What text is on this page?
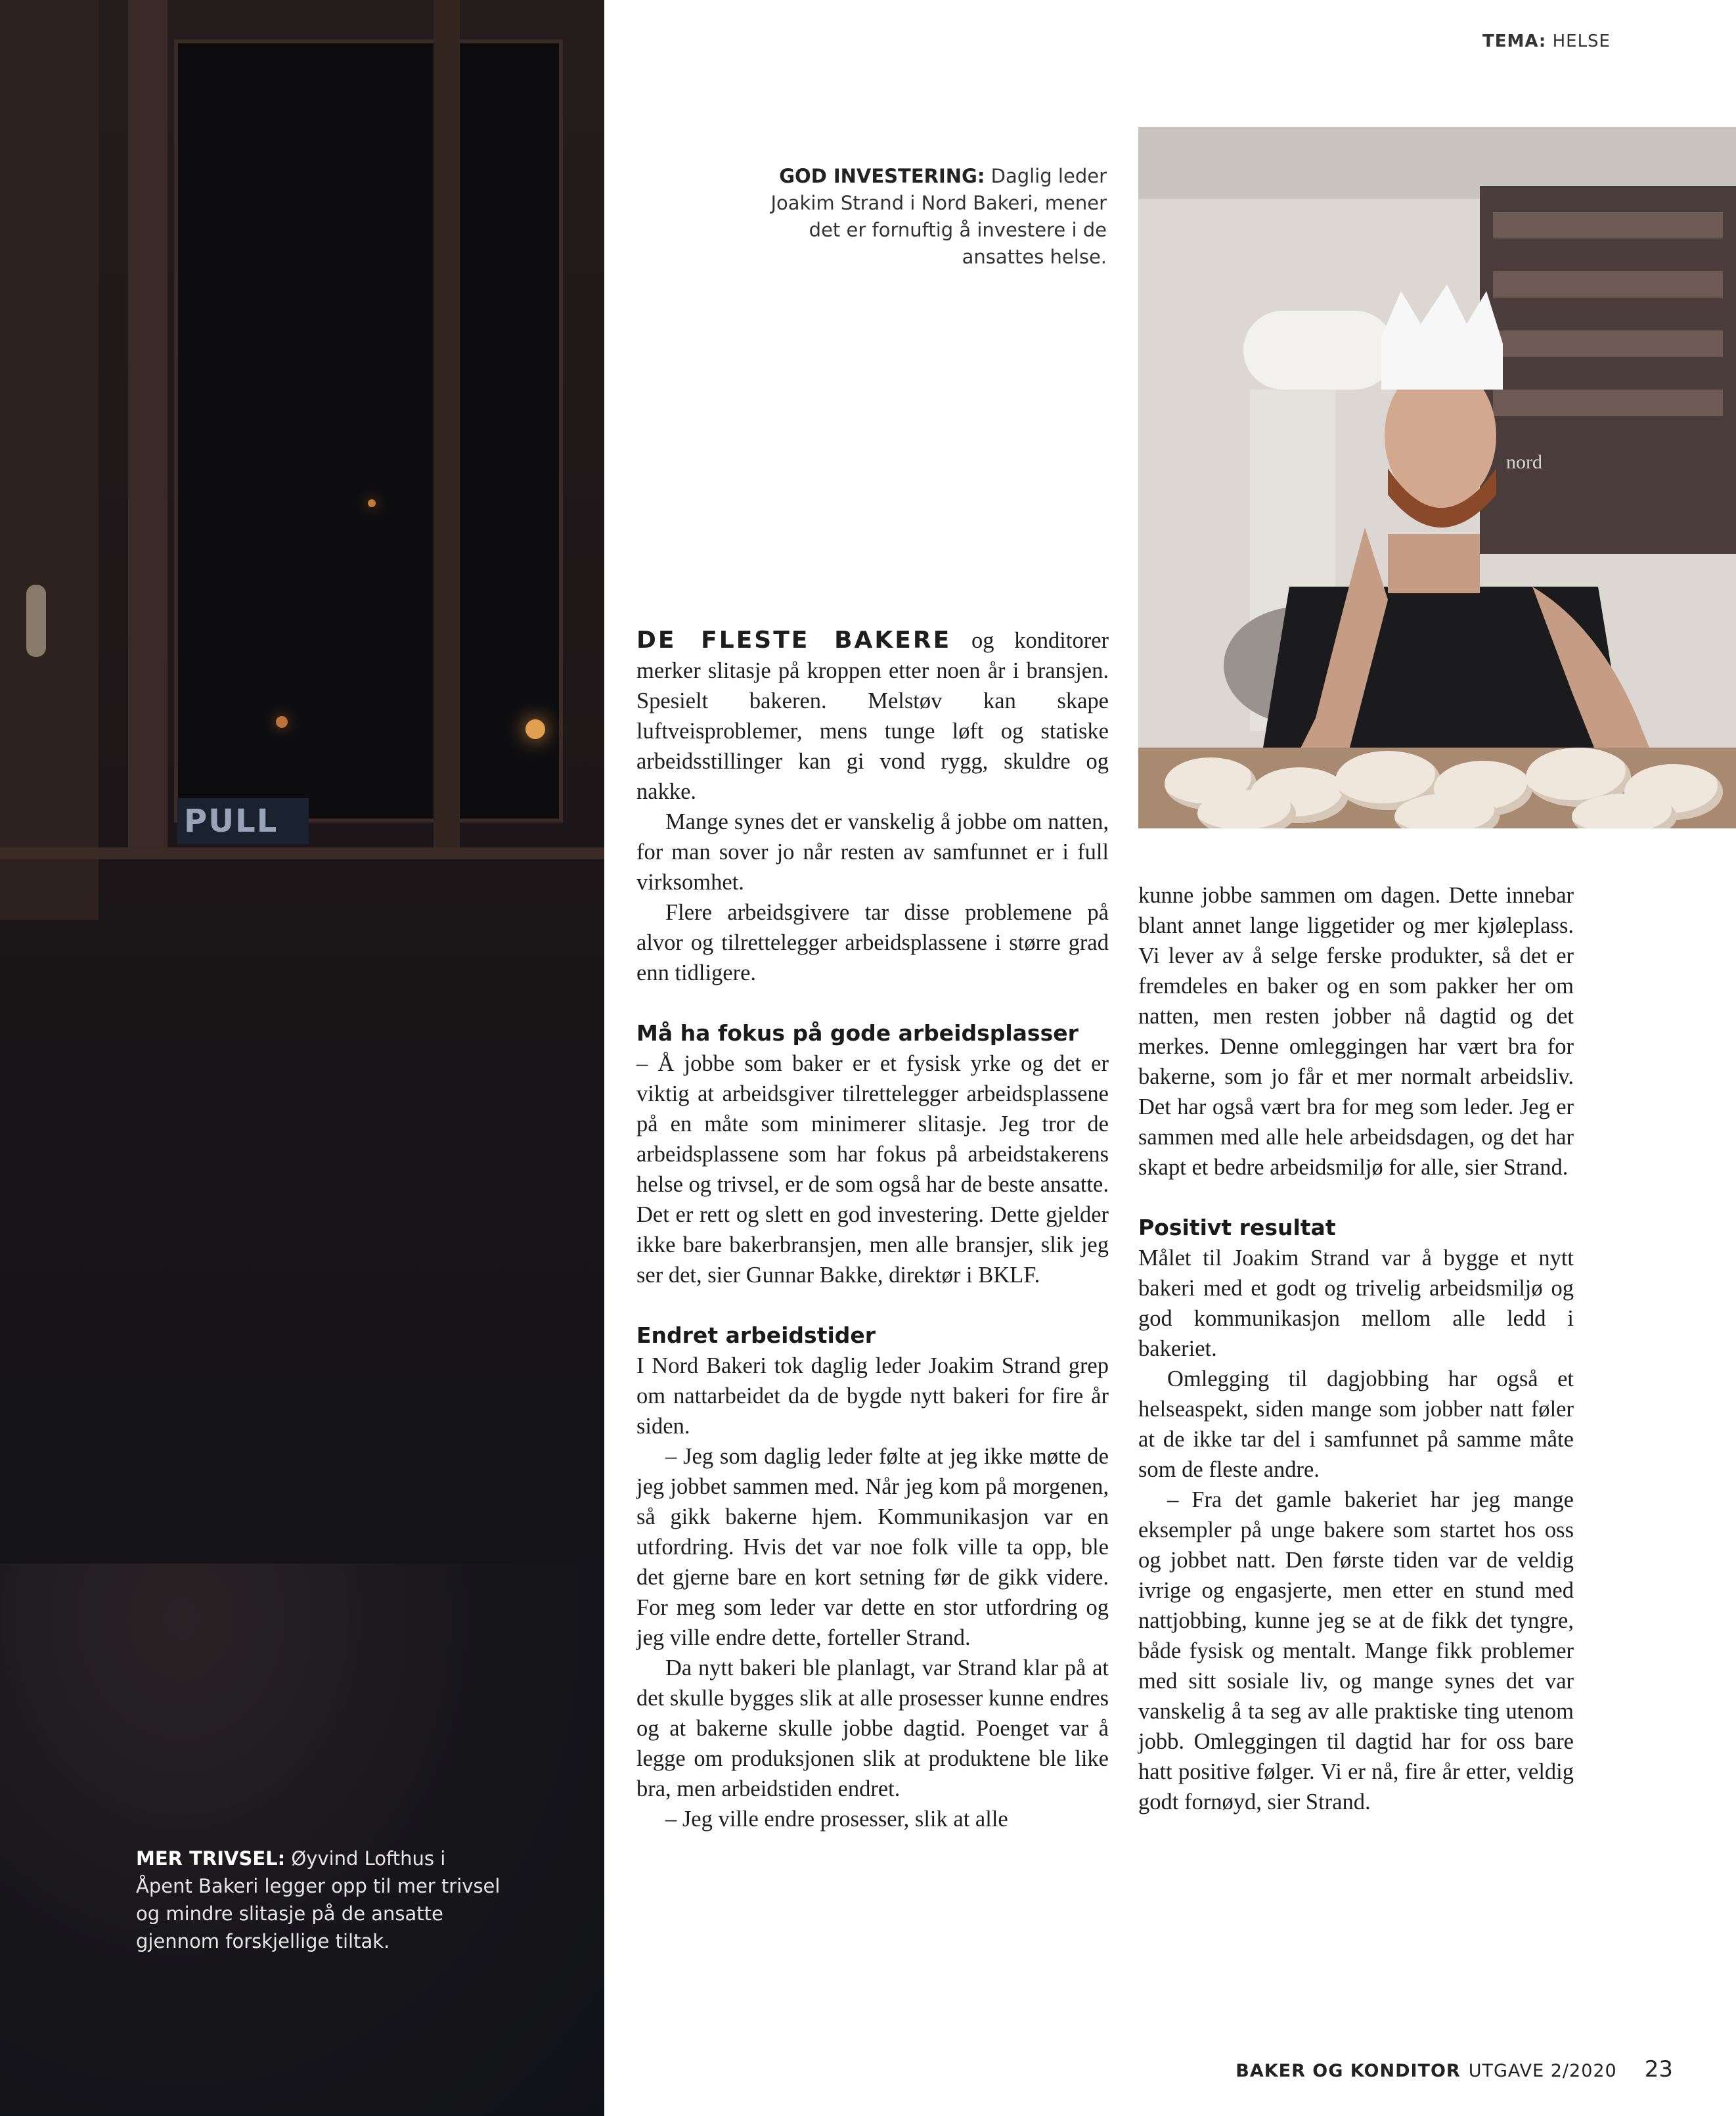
PULL
MER TRIVSEL: Øyvind Lofthus i Åpent Bakeri legger opp til mer trivsel og mindre slitasje på de ansatte gjennom forskjellige tiltak.
TEMA: HELSE
GOD INVESTERING: Daglig leder Joakim Strand i Nord Bakeri, mener det er fornuftig å investere i de ansattes helse.
nord

DE FLESTE BAKERE og konditorer merker slitasje på kroppen etter noen år i bransjen. Spesielt bakeren. Melstøv kan skape luftveisproblemer, mens tunge løft og statiske arbeidsstillinger kan gi vond rygg, skuldre og nakke.

Mange synes det er vanskelig å jobbe om natten, for man sover jo når resten av samfunnet er i full virksomhet.

Flere arbeidsgivere tar disse problemene på alvor og tilrettelegger arbeidsplassene i større grad enn tidligere.

Må ha fokus på gode arbeidsplasser

– Å jobbe som baker er et fysisk yrke og det er viktig at arbeidsgiver tilrettelegger arbeidsplassene på en måte som minimerer slitasje. Jeg tror de arbeidsplassene som har fokus på arbeidstakerens helse og trivsel, er de som også har de beste ansatte. Det er rett og slett en god investering. Dette gjelder ikke bare bakerbransjen, men alle bransjer, slik jeg ser det, sier Gunnar Bakke, direktør i BKLF.

Endret arbeidstider

I Nord Bakeri tok daglig leder Joakim Strand grep om nattarbeidet da de bygde nytt bakeri for fire år siden.

– Jeg som daglig leder følte at jeg ikke møtte de jeg jobbet sammen med. Når jeg kom på morgenen, så gikk bakerne hjem. Kommunikasjon var en utfordring. Hvis det var noe folk ville ta opp, ble det gjerne bare en kort setning før de gikk videre. For meg som leder var dette en stor utfordring og jeg ville endre dette, forteller Strand.

Da nytt bakeri ble planlagt, var Strand klar på at det skulle bygges slik at alle prosesser kunne endres og at bakerne skulle jobbe dagtid. Poenget var å legge om produksjonen slik at produktene ble like bra, men arbeidstiden endret.

– Jeg ville endre prosesser, slik at alle

kunne jobbe sammen om dagen. Dette innebar blant annet lange liggetider og mer kjøleplass. Vi lever av å selge ferske produkter, så det er fremdeles en baker og en som pakker her om natten, men resten jobber nå dagtid og det merkes. Denne omleggingen har vært bra for bakerne, som jo får et mer normalt arbeidsliv. Det har også vært bra for meg som leder. Jeg er sammen med alle hele arbeidsdagen, og det har skapt et bedre arbeidsmiljø for alle, sier Strand.

Positivt resultat

Målet til Joakim Strand var å bygge et nytt bakeri med et godt og trivelig arbeidsmiljø og god kommunikasjon mellom alle ledd i bakeriet.

Omlegging til dagjobbing har også et helseaspekt, siden mange som jobber natt føler at de ikke tar del i samfunnet på samme måte som de fleste andre.

– Fra det gamle bakeriet har jeg mange eksempler på unge bakere som startet hos oss og jobbet natt. Den første tiden var de veldig ivrige og engasjerte, men etter en stund med nattjobbing, kunne jeg se at de fikk det tyngre, både fysisk og mentalt. Mange fikk problemer med sitt sosiale liv, og mange synes det var vanskelig å ta seg av alle praktiske ting utenom jobb. Omleggingen til dagtid har for oss bare hatt positive følger. Vi er nå, fire år etter, veldig godt fornøyd, sier Strand.

BAKER OG KONDITOR UTGAVE 2/2020 23
